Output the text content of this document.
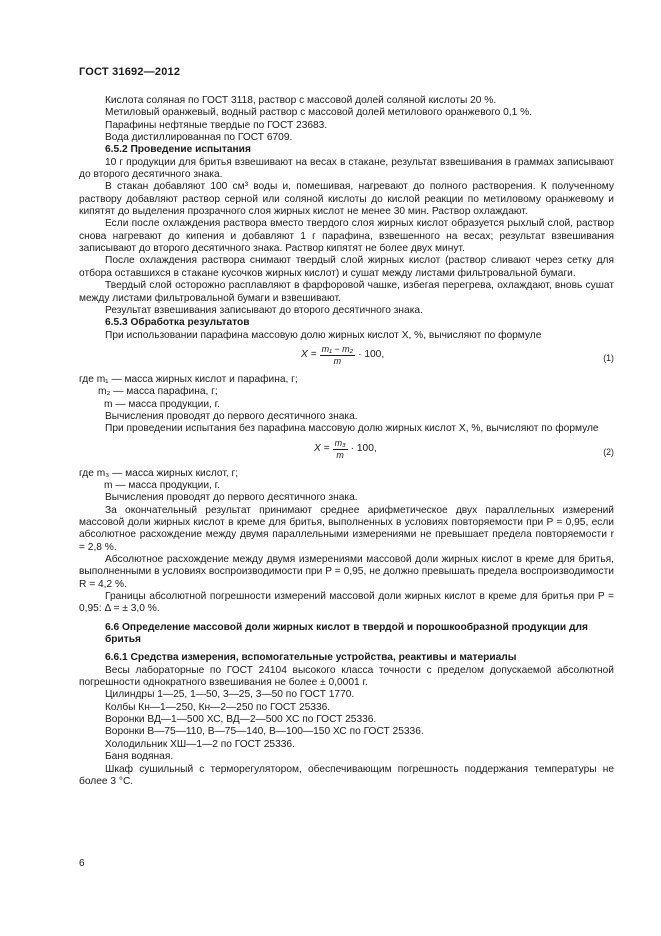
ГОСТ 31692—2012

Кислота соляная по ГОСТ 3118, раствор с массовой долей соляной кислоты 20 %.

Метиловый оранжевый, водный раствор с массовой долей метилового оранжевого 0,1 %.

Парафины нефтяные твердые по ГОСТ 23683.

Вода дистиллированная по ГОСТ 6709.

6.5.2 Проведение испытания

10 г продукции для бритья взвешивают на весах в стакане, результат взвешивания в граммах записывают до второго десятичного знака.

В стакан добавляют 100 см³ воды и, помешивая, нагревают до полного растворения. К полученному раствору добавляют раствор серной или соляной кислоты до кислой реакции по метиловому оранжевому и кипятят до выделения прозрачного слоя жирных кислот не менее 30 мин. Раствор охлаждают.

Если после охлаждения раствора вместо твердого слоя жирных кислот образуется рыхлый слой, раствор снова нагревают до кипения и добавляют 1 г парафина, взвешенного на весах; результат взвешивания записывают до второго десятичного знака. Раствор кипятят не более двух минут.

После охлаждения раствора снимают твердый слой жирных кислот (раствор сливают через сетку для отбора оставшихся в стакане кусочков жирных кислот) и сушат между листами фильтровальной бумаги.

Твердый слой осторожно расплавляют в фарфоровой чашке, избегая перегрева, охлаждают, вновь сушат между листами фильтровальной бумаги и взвешивают.

Результат взвешивания записывают до второго десятичного знака.

6.5.3 Обработка результатов

При использовании парафина массовую долю жирных кислот X, %, вычисляют по формуле

$X = \frac{\text{m₁ − m₂}}{m} \cdot 100$,	(1)

где m₁ — масса жирных кислот и парафина, г;

m₂ — масса парафина, г;

m — масса продукции, г.

Вычисления проводят до первого десятичного знака.

При проведении испытания без парафина массовую долю жирных кислот X, %, вычисляют по формуле

$X = \frac{\text{m₃}}{m} \cdot 100$,	(2)

где m₃ — масса жирных кислот, г;

m — масса продукции, г.

Вычисления проводят до первого десятичного знака.

За окончательный результат принимают среднее арифметическое двух параллельных измерений массовой доли жирных кислот в креме для бритья, выполненных в условиях повторяемости при P = 0,95, если абсолютное расхождение между двумя параллельными измерениями не превышает предела повторяемости r = 2,8 %.

Абсолютное расхождение между двумя измерениями массовой доли жирных кислот в креме для бритья, выполненными в условиях воспроизводимости при P = 0,95, не должно превышать предела воспроизводимости R = 4,2 %.

Границы абсолютной погрешности измерений массовой доли жирных кислот в креме для бритья при P = 0,95: Δ = ± 3,0 %.

6.6 Определение массовой доли жирных кислот в твердой и порошкообразной продукции для бритья

6.6.1 Средства измерения, вспомогательные устройства, реактивы и материалы

Весы лабораторные по ГОСТ 24104 высокого класса точности с пределом допускаемой абсолютной погрешности однократного взвешивания не более ± 0,0001 г.

Цилиндры 1—25, 1—50, 3—25, 3—50 по ГОСТ 1770.

Колбы Кн—1—250, Кн—2—250 по ГОСТ 25336.

Воронки ВД—1—500 ХС, ВД—2—500 ХС по ГОСТ 25336.

Воронки В—75—110, В—75—140, В—100—150 ХС по ГОСТ 25336.

Холодильник ХШ—1—2 по ГОСТ 25336.

Баня водяная.

Шкаф сушильный с терморегулятором, обеспечивающим погрешность поддержания температуры не более 3 °С.

6
